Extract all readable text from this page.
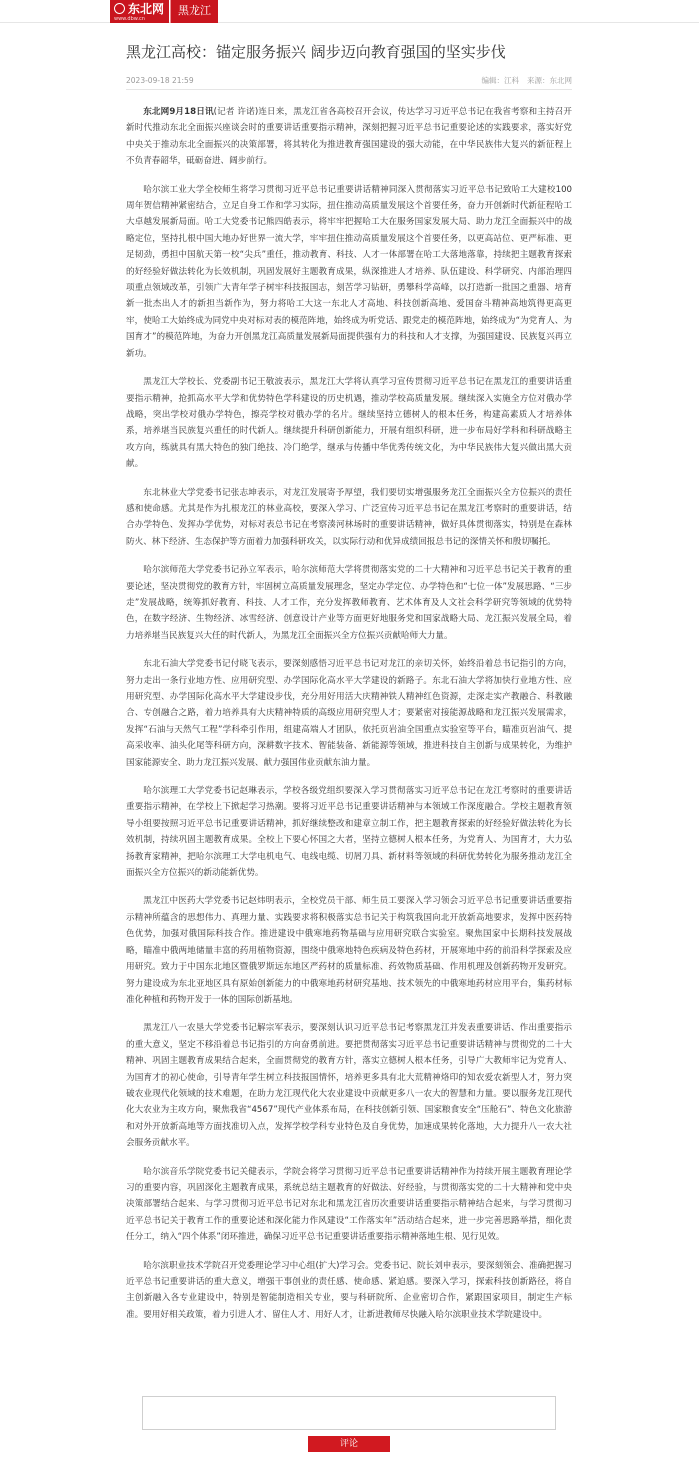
东北网
www.dbw.cn
黑龙江
黑龙江高校：锚定服务振兴 阔步迈向教育强国的坚实步伐
2023-09-18 21:59	编辑：江科 来源：东北网

东北网9月18日讯(记者 许诺)连日来，黑龙江省各高校召开会议，传达学习习近平总书记在我省考察和主持召开新时代推动东北全面振兴座谈会时的重要讲话重要指示精神，深刻把握习近平总书记重要论述的实践要求，落实好党中央关于推动东北全面振兴的决策部署，将其转化为推进教育强国建设的强大动能，在中华民族伟大复兴的新征程上不负青春韶华，砥砺奋进、阔步前行。

哈尔滨工业大学全校师生将学习贯彻习近平总书记重要讲话精神同深入贯彻落实习近平总书记致哈工大建校100周年贺信精神紧密结合，立足自身工作和学习实际，扭住推动高质量发展这个首要任务，奋力开创新时代新征程哈工大卓越发展新局面。哈工大党委书记熊四皓表示，将牢牢把握哈工大在服务国家发展大局、助力龙江全面振兴中的战略定位，坚持扎根中国大地办好世界一流大学，牢牢扭住推动高质量发展这个首要任务，以更高站位、更严标准、更足韧劲，勇担中国航天第一校“尖兵”重任，推动教育、科技、人才一体部署在哈工大落地落靠，持续把主题教育探索的好经验好做法转化为长效机制，巩固发展好主题教育成果，纵深推进人才培养、队伍建设、科学研究、内部治理四项重点领域改革，引领广大青年学子树牢科技报国志，刻苦学习钻研，勇攀科学高峰，以打造新一批国之重器、培育新一批杰出人才的新担当新作为，努力将哈工大这一东北人才高地、科技创新高地、爱国奋斗精神高地筑得更高更牢，使哈工大始终成为同党中央对标对表的模范阵地，始终成为听党话、跟党走的模范阵地，始终成为“为党育人、为国育才”的模范阵地，为奋力开创黑龙江高质量发展新局面提供强有力的科技和人才支撑，为强国建设、民族复兴再立新功。

黑龙江大学校长、党委副书记王敬波表示，黑龙江大学将认真学习宣传贯彻习近平总书记在黑龙江的重要讲话重要指示精神，抢抓高水平大学和优势特色学科建设的历史机遇，推动学校高质量发展。继续深入实施全方位对俄办学战略，突出学校对俄办学特色，擦亮学校对俄办学的名片。继续坚持立德树人的根本任务，构建高素质人才培养体系，培养堪当民族复兴重任的时代新人。继续提升科研创新能力，开展有组织科研，进一步布局好学科和科研战略主攻方向，练就具有黑大特色的独门绝技、冷门绝学，继承与传播中华优秀传统文化，为中华民族伟大复兴做出黑大贡献。

东北林业大学党委书记张志坤表示，对龙江发展寄予厚望，我们要切实增强服务龙江全面振兴全方位振兴的责任感和使命感。尤其是作为扎根龙江的林业高校，要深入学习、广泛宣传习近平总书记在黑龙江考察时的重要讲话，结合办学特色、发挥办学优势，对标对表总书记在考察湊河林场时的重要讲话精神，做好具体贯彻落实，特别是在森林防火、林下经济、生态保护等方面着力加强科研攻关，以实际行动和优异成绩回报总书记的深情关怀和殷切嘱托。

哈尔滨师范大学党委书记孙立军表示，哈尔滨师范大学将贯彻落实党的二十大精神和习近平总书记关于教育的重要论述，坚决贯彻党的教育方针，牢固树立高质量发展理念，坚定办学定位、办学特色和“七位一体”发展思路、“三步走”发展战略，统筹抓好教育、科技、人才工作，充分发挥教师教育、艺术体育及人文社会科学研究等领域的优势特色，在数字经济、生物经济、冰雪经济、创意设计产业等方面更好地服务党和国家战略大局、龙江振兴发展全局，着力培养堪当民族复兴大任的时代新人，为黑龙江全面振兴全方位振兴贡献哈师大力量。

东北石油大学党委书记付晓飞表示，要深刻感悟习近平总书记对龙江的亲切关怀，始终沿着总书记指引的方向，努力走出一条行业地方性、应用研究型、办学国际化高水平大学建设的新路子。东北石油大学将加快行业地方性、应用研究型、办学国际化高水平大学建设步伐，充分用好用活大庆精神铁人精神红色资源，走深走实产教融合、科教融合、专创融合之路，着力培养具有大庆精神特质的高级应用研究型人才；要紧密对接能源战略和龙江振兴发展需求，发挥“石油与天然气工程”学科牵引作用，组建高端人才团队，依托页岩油全国重点实验室等平台，瞄准页岩油气、提高采收率、油头化尾等科研方向，深耕数字技术、智能装备、新能源等领域，推进科技自主创新与成果转化，为维护国家能源安全、助力龙江振兴发展、献力强国伟业贡献东油力量。

哈尔滨理工大学党委书记赵琳表示，学校各级党组织要深入学习贯彻落实习近平总书记在龙江考察时的重要讲话重要指示精神，在学校上下掀起学习热潮。要将习近平总书记重要讲话精神与本领域工作深度融合。学校主题教育领导小组要按照习近平总书记重要讲话精神，抓好继续整改和建章立制工作，把主题教育探索的好经验好做法转化为长效机制，持续巩固主题教育成果。全校上下要心怀国之大者，坚持立德树人根本任务，为党育人、为国育才，大力弘扬教育家精神，把哈尔滨理工大学电机电气、电线电缆、切屑刀具、新材料等领域的科研优势转化为服务推动龙江全面振兴全方位振兴的新动能新优势。

黑龙江中医药大学党委书记赵炜明表示，全校党员干部、师生员工要深入学习领会习近平总书记重要讲话重要指示精神所蕴含的思想伟力、真理力量、实践要求将积极落实总书记关于构筑我国向北开放新高地要求，发挥中医药特色优势，加强对俄国际科技合作。推进建设中俄寒地药物基础与应用研究联合实验室。聚焦国家中长期科技发展战略，瞄准中俄两地储量丰富的药用植物资源，围绕中俄寒地特色疾病及特色药材，开展寒地中药的前沿科学探索及应用研究。致力于中国东北地区暨俄罗斯远东地区严药材的质量标准、药效物质基础、作用机理及创新药物开发研究。努力建设成为东北亚地区具有原始创新能力的中俄寒地药材研究基地、技术领先的中俄寒地药材应用平台，集药材标准化种植和药物开发于一体的国际创新基地。

黑龙江八一农垦大学党委书记解宗军表示，要深刻认识习近平总书记考察黑龙江并发表重要讲话、作出重要指示的重大意义，坚定不移沿着总书记指引的方向奋勇前进。要把贯彻落实习近平总书记重要讲话精神与贯彻党的二十大精神、巩固主题教育成果结合起来，全面贯彻党的教育方针，落实立德树人根本任务，引导广大教师牢记为党育人、为国育才的初心使命，引导青年学生树立科技报国情怀，培养更多具有北大荒精神烙印的知农爱农新型人才，努力突破农业现代化领域的技术难题，在助力龙江现代化大农业建设中贡献更多八一农大的智慧和力量。要以服务龙江现代化大农业为主攻方向，聚焦我省“4567”现代产业体系布局，在科技创新引领、国家粮食安全“压舱石”、特色文化旅游和对外开放新高地等方面找准切入点，发挥学校学科专业特色及自身优势，加速成果转化落地，大力提升八一农大社会服务贡献水平。

哈尔滨音乐学院党委书记关健表示，学院会将学习贯彻习近平总书记重要讲话精神作为持续开展主题教育理论学习的重要内容，巩固深化主题教育成果，系统总结主题教育的好做法、好经验，与贯彻落实党的二十大精神和党中央决策部署结合起来、与学习贯彻习近平总书记对东北和黑龙江省历次重要讲话重要指示精神结合起来，与学习贯彻习近平总书记关于教育工作的重要论述和深化能力作风建设“工作落实年”活动结合起来，进一步完善思路举措，细化责任分工，纳入“四个体系”闭环推进，确保习近平总书记重要讲话重要指示精神落地生根、见行见效。

哈尔滨职业技术学院召开党委理论学习中心组(扩大)学习会。党委书记、院长刘申表示，要深刻领会、准确把握习近平总书记重要讲话的重大意义，增强干事创业的责任感、使命感、紧迫感。要深入学习，探索科技创新路径，将自主创新融入各专业建设中，特别是智能制造相关专业，要与科研院所、企业密切合作，紧跟国家项目，制定生产标准。要用好相关政策，着力引进人才、留住人才、用好人才，让新进教师尽快融入哈尔滨职业技术学院建设中。

评论
